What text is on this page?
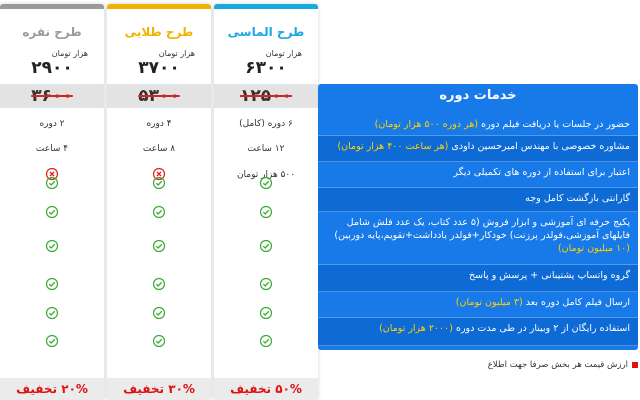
طرح نقره
هزار تومان
۲۹۰۰
۳۶۰۰
۲ دوره
۴ ساعت
۲۰% تخفیف
طرح طلایی
هزار تومان
۳۷۰۰
۵۳۰۰
۴ دوره
۸ ساعت
۳۰% تخفیف
طرح الماسی
هزار تومان
۶۳۰۰
۱۲۵۰۰
۶ دوره (کامل)
۱۲ ساعت
۵۰۰ هزار تومان
۵۰% تخفیف
خدمات دوره
حضور در جلسات یا دریافت فیلم دوره (هر دوره ۵۰۰ هزار تومان)
مشاوره خصوصی با مهندس امیرحسین داودی (هر ساعت ۴۰۰ هزار تومان)
اعتبار برای استفاده از دوره های تکمیلی دیگر
گارانتی بازگشت کامل وجه
پکیج حرفه ای آموزشی و ابزار فروش (۵ عدد کتاب، یک عدد فلش شامل فایلهای آموزشی،فولدر پرزنت) خودکار+فولدر یادداشت+تقویم،پایه دوربین) (۱۰ میلیون تومان)
گروه واتساپ پشتیبانی + پرسش و پاسخ
ارسال فیلم کامل دوره بعد (۳ میلیون تومان)
استفاده رایگان از ۲ وبینار در طی مدت دوره (۲۰۰۰ هزار تومان)
ارزش قیمت هر بخش صرفا جهت اطلاع
